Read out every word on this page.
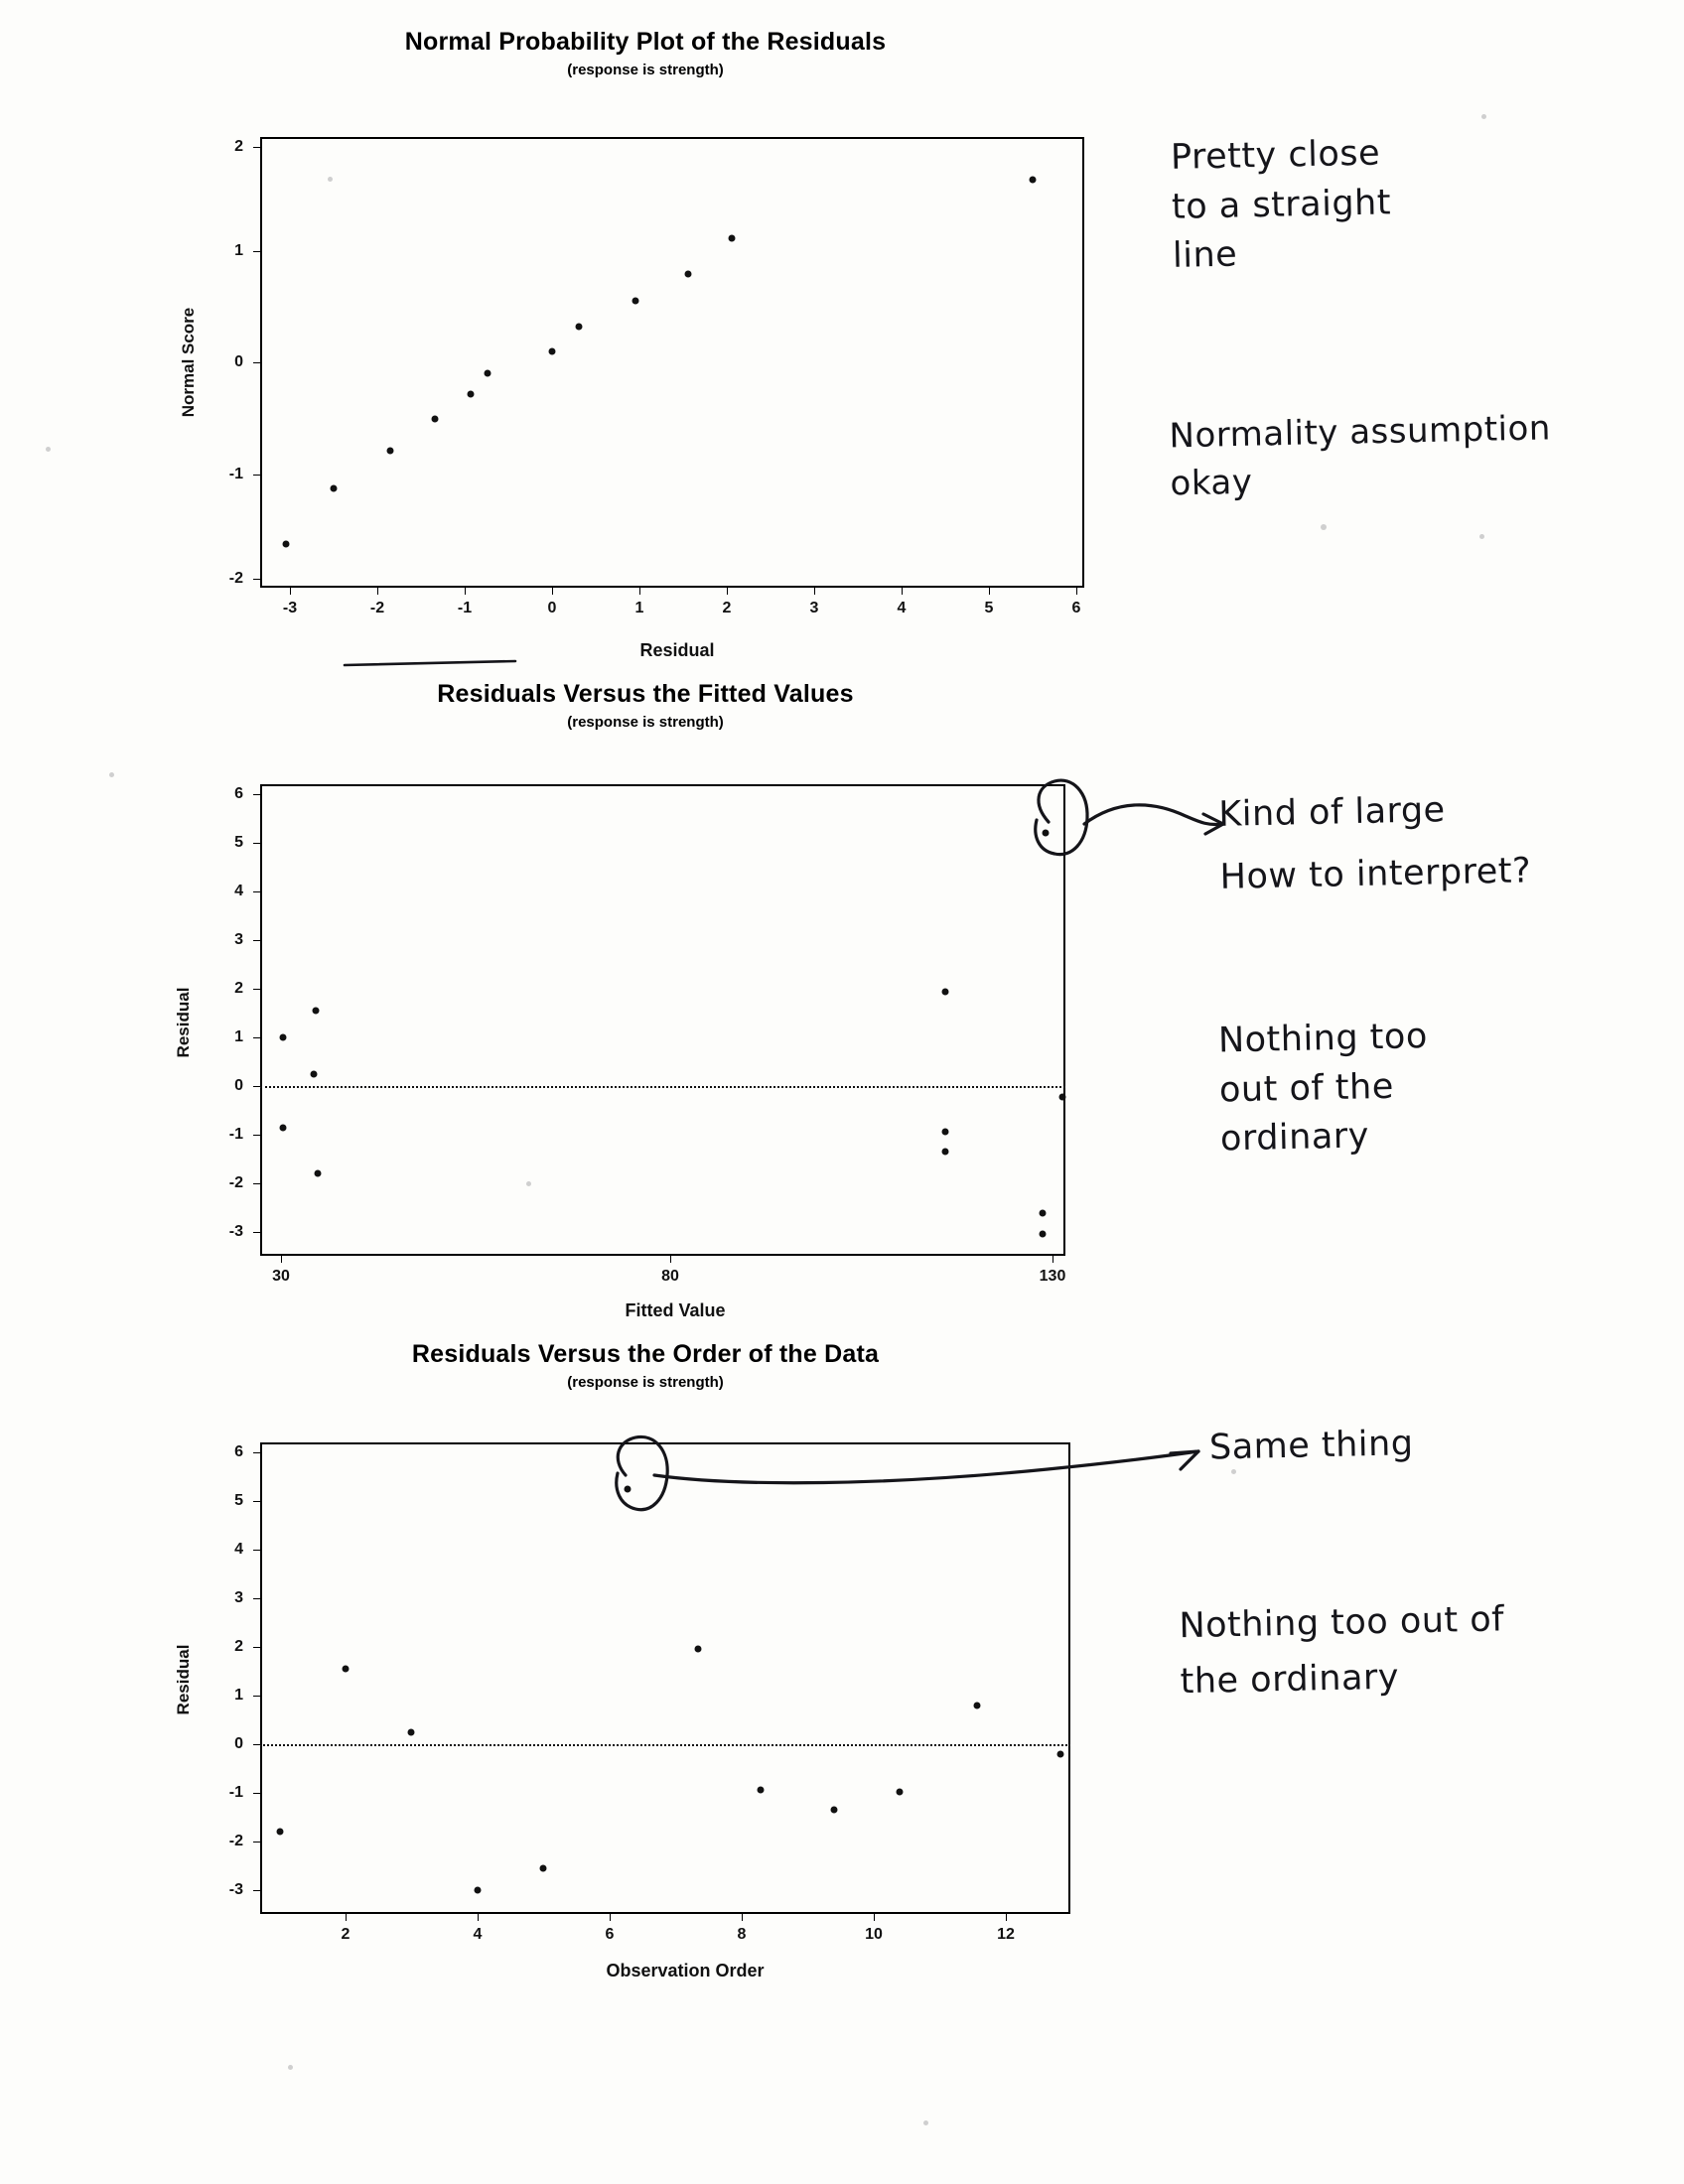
Normal Probability Plot of the Residuals
(response is strength)
Normal Score
2
1
0
-1
-2
-3	-2	-1	0	1	2	3	4	5	6
Residual
Residuals Versus the Fitted Values
(response is strength)
Residual
6
5
4
3
2
1
0
-1
-2
-3
30	80	130
Fitted Value
Residuals Versus the Order of the Data
(response is strength)
Residual
6
5
4
3
2
1
0
-1
-2
-3
2	4	6	8	10	12
Observation Order
Pretty close
to a straight
line
Normality assumption
okay
Kind of large
How to interpret?
Nothing too
out of the
ordinary
Same thing
Nothing too out of
the ordinary
